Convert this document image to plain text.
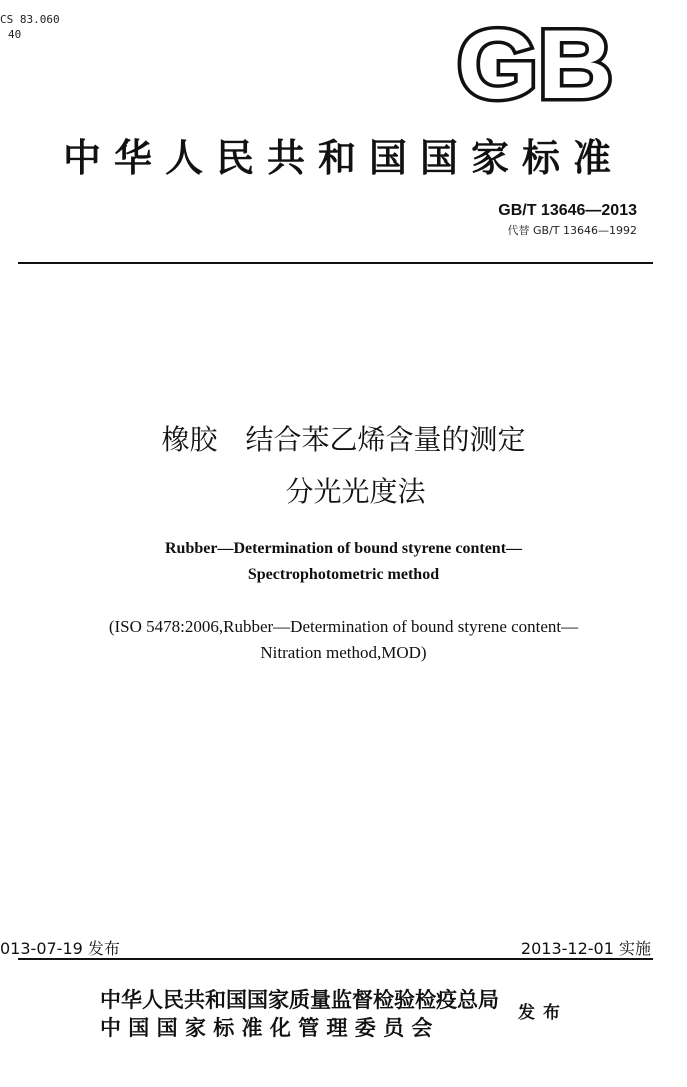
CS 83.060
40	GB
中华人民共和国国家标准
GB/T 13646—2013
代替 GB/T 13646—1992
橡胶　结合苯乙烯含量的测定
分光光度法
Rubber—Determination of bound styrene content—
Spectrophotometric method
(ISO 5478:2006,Rubber—Determination of bound styrene content—
Nitration method,MOD)
013-07-19 发布	2013-12-01 实施
中华人民共和国国家质量监督检验检疫总局
中 国 国 家 标 准 化 管 理 委 员 会
发布
